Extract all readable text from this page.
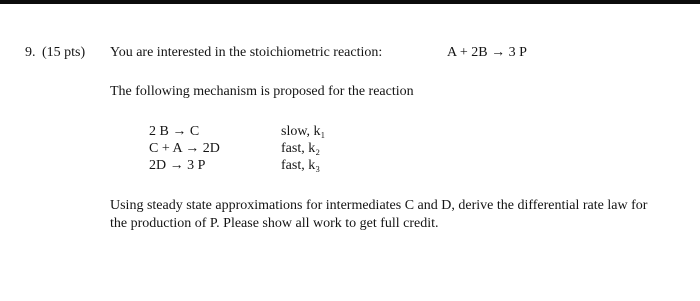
9. (15 pts) You are interested in the stoichiometric reaction:	A + 2B → 3 P
The following mechanism is proposed for the reaction
2 B → C	slow, k₁
C + A → 2D	fast, k₂
2D → 3 P	fast, k₃
Using steady state approximations for intermediates C and D, derive the differential rate law for
the production of P. Please show all work to get full credit.
